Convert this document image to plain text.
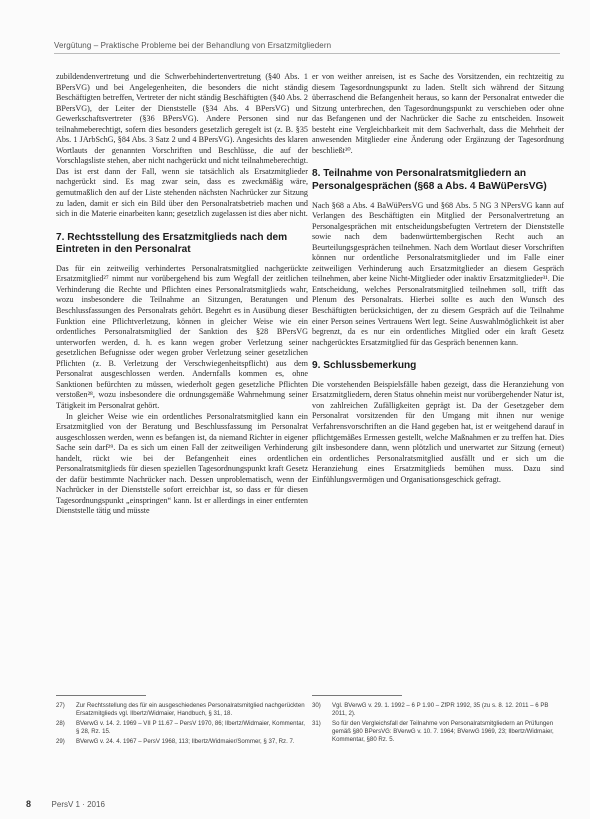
Vergütung – Praktische Probleme bei der Behandlung von Ersatzmitgliedern

zubildendenvertretung und die Schwerbehindertenvertretung (§40 Abs. 1 BPersVG) und bei Angelegenheiten, die besonders die nicht ständig Beschäftigten betreffen, Vertreter der nicht ständig Beschäftigten (§40 Abs. 2 BPersVG), der Leiter der Dienststelle (§34 Abs. 4 BPersVG) und Gewerkschaftsvertreter (§36 BPersVG). Andere Personen sind nur teilnahmeberechtigt, sofern dies besonders gesetzlich geregelt ist (z. B. §35 Abs. 1 JArbSchG, §84 Abs. 3 Satz 2 und 4 BPersVG). Angesichts des klaren Wortlauts der genannten Vorschriften und Beschlüsse, die auf der Vorschlagsliste stehen, aber nicht nachgerückt und nicht teilnahmeberechtigt. Das ist erst dann der Fall, wenn sie tatsächlich als Ersatzmitglieder nachgerückt sind. Es mag zwar sein, dass es zweckmäßig wäre, gemutmaßlich den auf der Liste stehenden nächsten Nachrücker zur Sitzung zu laden, damit er sich ein Bild über den Personalratsbetrieb machen und sich in die Materie einarbeiten kann; gesetzlich zugelassen ist dies aber nicht.

7. Rechtsstellung des Ersatzmitglieds nach dem Eintreten in den Personalrat

Das für ein zeitweilig verhindertes Personalratsmitglied nachgerückte Ersatzmitglied²⁷ nimmt nur vorübergehend bis zum Wegfall der zeitlichen Verhinderung die Rechte und Pflichten eines Personalratsmitglieds wahr, wozu insbesondere die Teilnahme an Sitzungen, Beratungen und Beschlussfassungen des Personalrats gehört. Begehrt es in Ausübung dieser Funktion eine Pflichtverletzung, können in gleicher Weise wie ein ordentliches Personalratsmitglied der Sanktion des §28 BPersVG unterworfen werden, d. h. es kann wegen grober Verletzung seiner gesetzlichen Befugnisse oder wegen grober Verletzung seiner gesetzlichen Pflichten (z. B. Verletzung der Verschwiegenheitspflicht) aus dem Personalrat ausgeschlossen werden. Andernfalls kommen es, ohne Sanktionen befürchten zu müssen, wiederholt gegen gesetzliche Pflichten verstoßen²⁸, wozu insbesondere die ordnungsgemäße Wahrnehmung seiner Tätigkeit im Personalrat gehört.

In gleicher Weise wie ein ordentliches Personalratsmitglied kann ein Ersatzmitglied von der Beratung und Beschlussfassung im Personalrat ausgeschlossen werden, wenn es befangen ist, da niemand Richter in eigener Sache sein darf²⁹. Da es sich um einen Fall der zeitweiligen Verhinderung handelt, rückt wie bei der Befangenheit eines ordentlichen Personalratsmitglieds für diesen speziellen Tagesordnungspunkt kraft Gesetz der dafür bestimmte Nachrücker nach. Dessen unproblematisch, wenn der Nachrücker in der Dienststelle sofort erreichbar ist, so dass er für diesen Tagesordnungspunkt „einspringen“ kann. Ist er allerdings in einer entfernten Dienststelle tätig und müsste

er von weither anreisen, ist es Sache des Vorsitzenden, ein rechtzeitig zu diesem Tagesordnungspunkt zu laden. Stellt sich während der Sitzung überraschend die Befangenheit heraus, so kann der Personalrat entweder die Sitzung unterbrechen, den Tagesordnungspunkt zu verschieben oder ohne das Befangenen und der Nachrücker die Sache zu entscheiden. Insoweit besteht eine Vergleichbarkeit mit dem Sachverhalt, dass die Mehrheit der anwesenden Mitglieder eine Änderung oder Ergänzung der Tagesordnung beschließt³⁰.

8. Teilnahme von Personalratsmitgliedern an Personalgesprächen (§68 a Abs. 4 BaWüPersVG)

Nach §68 a Abs. 4 BaWüPersVG und §68 Abs. 5 NG 3 NPersVG kann auf Verlangen des Beschäftigten ein Mitglied der Personalvertretung an Personalgesprächen mit entscheidungsbefugten Vertretern der Dienststelle sowie nach dem badenwürttembergischen Recht auch an Beurteilungsgesprächen teilnehmen. Nach dem Wortlaut dieser Vorschriften können nur ordentliche Personalratsmitglieder und im Falle einer zeitweiligen Verhinderung auch Ersatzmitglieder an diesem Gespräch teilnehmen, aber keine Nicht-Mitglieder oder inaktiv Ersatzmitglieder³¹. Die Entscheidung, welches Personalratsmitglied teilnehmen soll, trifft das Plenum des Personalrats. Hierbei sollte es auch den Wunsch des Beschäftigten berücksichtigen, der zu diesem Gespräch auf die Teilnahme einer Person seines Vertrauens Wert legt. Seine Auswahlmöglichkeit ist aber begrenzt, da es nur ein ordentliches Mitglied oder ein kraft Gesetz nachgerücktes Ersatzmitglied für das Gespräch benennen kann.

9. Schlussbemerkung

Die vorstehenden Beispielsfälle haben gezeigt, dass die Heranziehung von Ersatzmitgliedern, deren Status ohnehin meist nur vorübergehender Natur ist, von zahlreichen Zufälligkeiten geprägt ist. Da der Gesetzgeber dem Personalrat vorsitzenden für den Umgang mit ihnen nur wenige Verfahrensvorschriften an die Hand gegeben hat, ist er weitgehend darauf in pflichtgemäßes Ermessen gestellt, welche Maßnahmen er zu treffen hat. Dies gilt insbesondere dann, wenn plötzlich und unerwartet zur Sitzung (erneut) ein ordentliches Personalratsmitglied ausfällt und er sich um die Heranziehung eines Ersatzmitglieds bemühen muss. Dazu sind Einfühlungsvermögen und Organisationsgeschick gefragt.

27)	Zur Rechtsstellung des für ein ausgeschiedenes Personalratsmitglied nachgerückten Ersatzmitglieds vgl. Ilbertz/Widmaier, Handbuch, § 31, 18.
28)	BVerwG v. 14. 2. 1969 – VII P 11.67 – PersV 1970, 86; Ilbertz/Widmaier, Kommentar, § 28, Rz. 15.
29)	BVerwG v. 24. 4. 1967 – PersV 1968, 113; Ilbertz/Widmaier/Sommer, § 37, Rz. 7.
30)	Vgl. BVerwG v. 29. 1. 1992 – 6 P 1.90 – ZfPR 1992, 35 (zu s. 8. 12. 2011 – 6 PB 2011, 2).
31)	So für den Vergleichsfall der Teilnahme von Personalratsmitgliedern an Prüfungen gemäß §80 BPersVG: BVerwG v. 10. 7. 1964; BVerwG 1969, 23; Ilbertz/Widmaier, Kommentar, §80 Rz. 5.
8	PersV 1 · 2016
